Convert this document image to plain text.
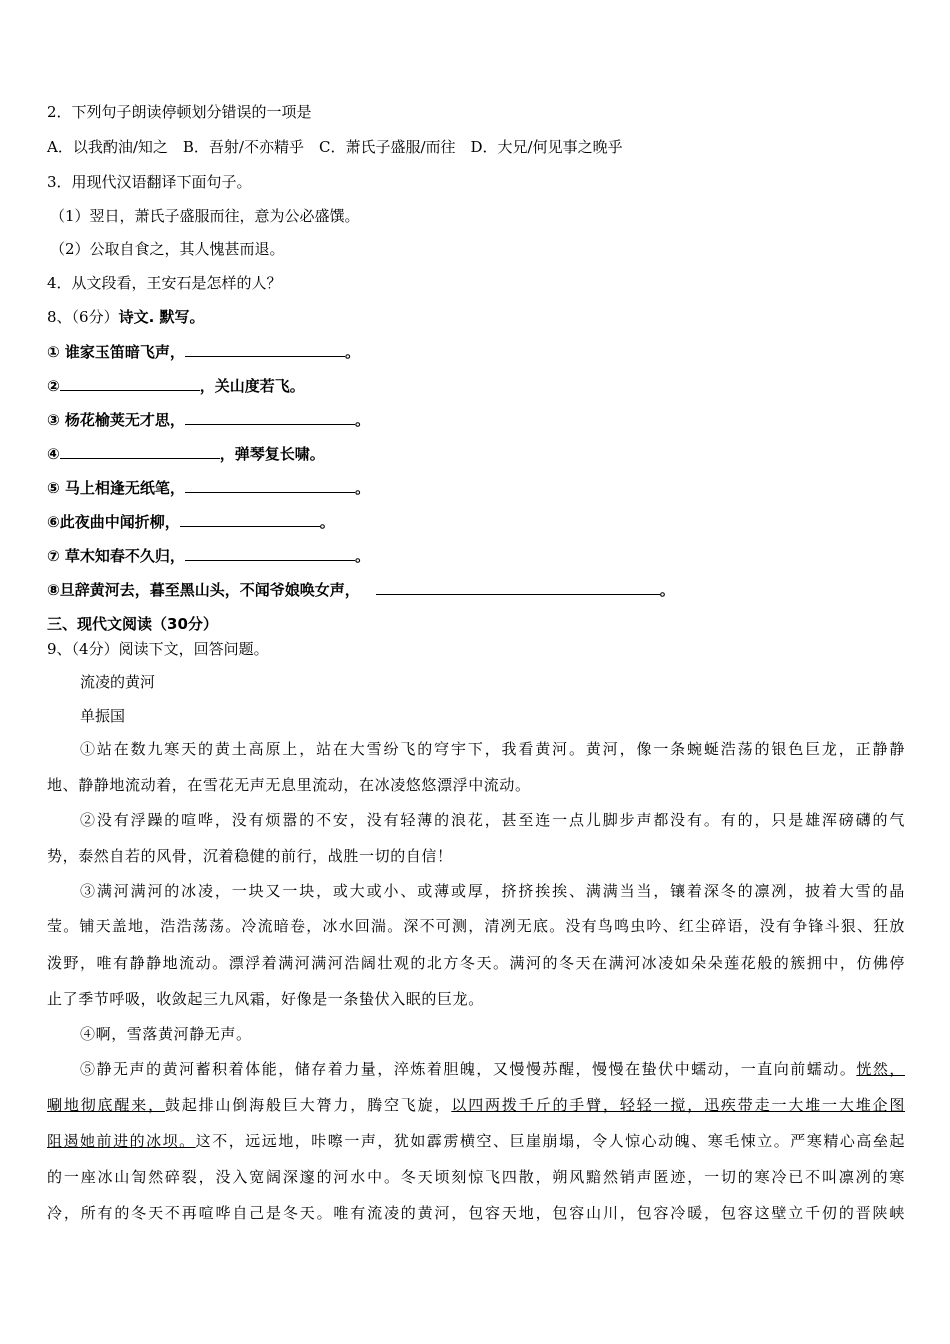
2．下列句子朗读停顿划分错误的一项是
A．以我酌油/知之　B．吾射/不亦精乎　C．萧氏子盛服/而往　D．大兄/何见事之晚乎
3．用现代汉语翻译下面句子。
（1）翌日，萧氏子盛服而往，意为公必盛馔。
（2）公取自食之，其人愧甚而退。
4．从文段看，王安石是怎样的人？
8、（6分）诗文. 默写。
① 谁家玉笛暗飞声，	。
②	，关山度若飞。
③ 杨花榆荚无才思，	。
④	，弹琴复长啸。
⑤ 马上相逢无纸笔，	。
⑥此夜曲中闻折柳，	。
⑦ 草木知春不久归，	。
⑧旦辞黄河去，暮至黑山头，不闻爷娘唤女声，	。
三、现代文阅读（30分）
9、（4分）阅读下文，回答问题。
流凌的黄河
单振国
①站在数九寒天的黄土高原上，站在大雪纷飞的穹宇下，我看黄河。黄河，像一条蜿蜒浩荡的银色巨龙，正静静
地、静静地流动着，在雪花无声无息里流动，在冰凌悠悠漂浮中流动。
②没有浮躁的喧哗，没有烦嚣的不安，没有轻薄的浪花，甚至连一点儿脚步声都没有。有的，只是雄浑磅礴的气
势，泰然自若的风骨，沉着稳健的前行，战胜一切的自信！
③满河满河的冰凌，一块又一块，或大或小、或薄或厚，挤挤挨挨、满满当当，镶着深冬的凛冽，披着大雪的晶
莹。铺天盖地，浩浩荡荡。冷流暗卷，冰水回湍。深不可测，清冽无底。没有鸟鸣虫吟、红尘碎语，没有争锋斗狠、狂放
泼野，唯有静静地流动。漂浮着满河满河浩阔壮观的北方冬天。满河的冬天在满河冰凌如朵朵莲花般的簇拥中，仿佛停
止了季节呼吸，收敛起三九风霜，好像是一条蛰伏入眠的巨龙。
④啊，雪落黄河静无声。
⑤静无声的黄河蓄积着体能，储存着力量，淬炼着胆魄，又慢慢苏醒，慢慢在蛰伏中蠕动，一直向前蠕动。恍然，
唰地彻底醒来，鼓起排山倒海般巨大膂力，腾空飞旋，以四两拨千斤的手臂，轻轻一搅，迅疾带走一大堆一大堆企图
阻遏她前进的冰坝。这不，远远地，咔嚓一声，犹如霹雳横空、巨崖崩塌，令人惊心动魄、寒毛悚立。严寒精心高垒起
的一座冰山訇然碎裂，没入宽阔深邃的河水中。冬天顷刻惊飞四散，朔风黯然销声匿迹，一切的寒冷已不叫凛冽的寒
冷，所有的冬天不再喧哗自己是冬天。唯有流凌的黄河，包容天地，包容山川，包容冷暖，包容这壁立千仞的晋陕峡
